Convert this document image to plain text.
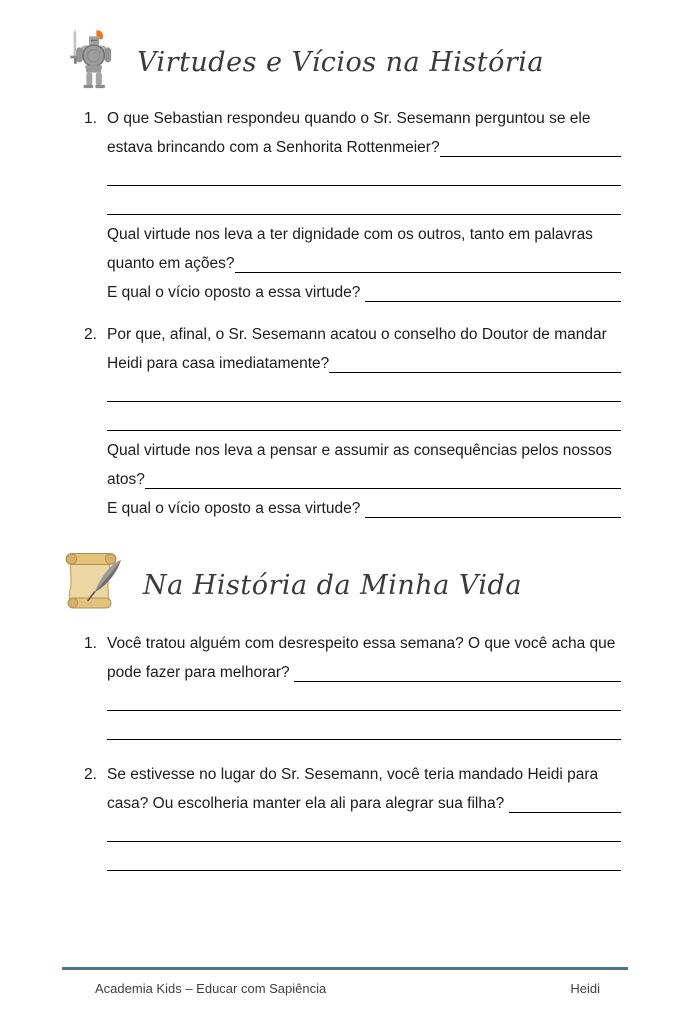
Virtudes e Vícios na História
1. O que Sebastian respondeu quando o Sr. Sesemann perguntou se ele
estava brincando com a Senhorita Rottenmeier?
Qual virtude nos leva a ter dignidade com os outros, tanto em palavras
quanto em ações?
E qual o vício oposto a essa virtude?
2. Por que, afinal, o Sr. Sesemann acatou o conselho do Doutor de mandar
Heidi para casa imediatamente?
Qual virtude nos leva a pensar e assumir as consequências pelos nossos
atos?
E qual o vício oposto a essa virtude?
Na História da Minha Vida
1. Você tratou alguém com desrespeito essa semana? O que você acha que
pode fazer para melhorar?
2. Se estivesse no lugar do Sr. Sesemann, você teria mandado Heidi para
casa? Ou escolheria manter ela ali para alegrar sua filha?
Academia Kids – Educar com Sapiência	Heidi
